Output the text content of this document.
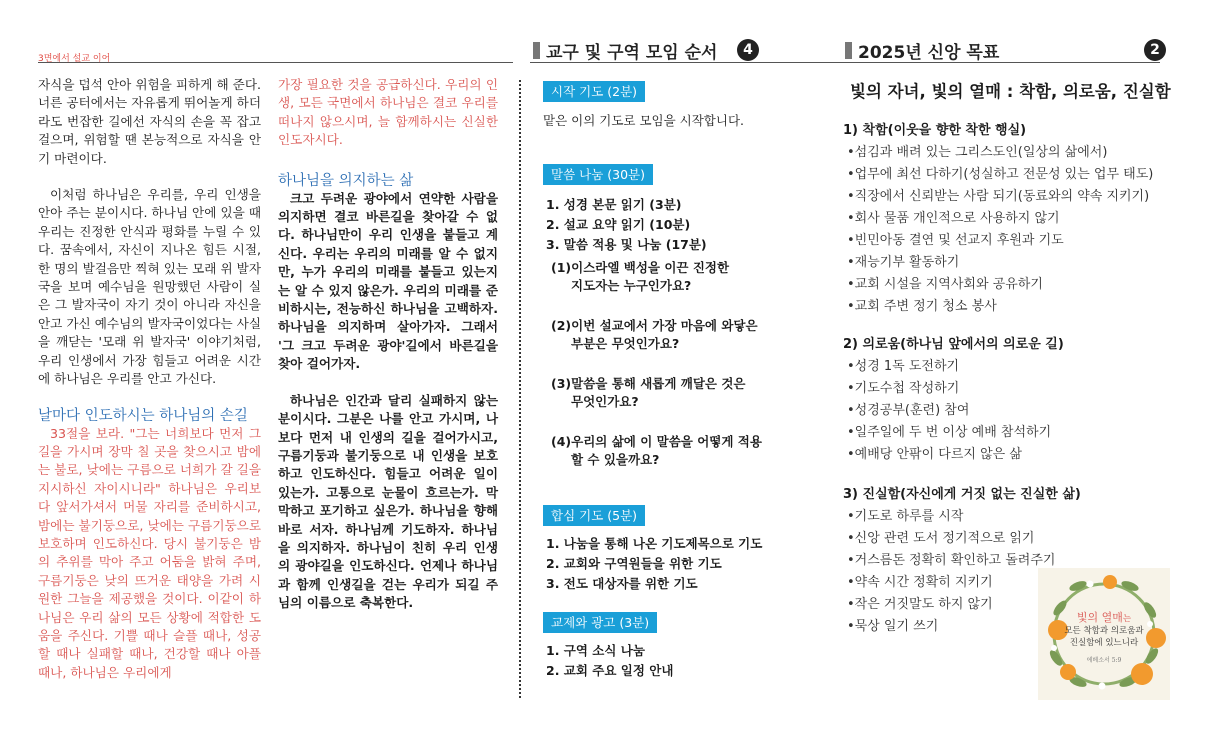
3면에서 설교 이어

자식을 덥석 안아 위험을 피하게 해 준다. 너른 공터에서는 자유롭게 뛰어놀게 하더라도 번잡한 길에선 자식의 손을 꼭 잡고 걸으며, 위험할 땐 본능적으로 자식을 안기 마련이다.

이처럼 하나님은 우리를, 우리 인생을 안아 주는 분이시다. 하나님 안에 있을 때 우리는 진정한 안식과 평화를 누릴 수 있다. 꿈속에서, 자신이 지나온 힘든 시절, 한 명의 발걸음만 찍혀 있는 모래 위 발자국을 보며 예수님을 원망했던 사람이 실은 그 발자국이 자기 것이 아니라 자신을 안고 가신 예수님의 발자국이었다는 사실을 깨닫는 '모래 위 발자국' 이야기처럼, 우리 인생에서 가장 힘들고 어려운 시간에 하나님은 우리를 안고 가신다.

날마다 인도하시는 하나님의 손길

33절을 보라. "그는 너희보다 먼저 그 길을 가시며 장막 칠 곳을 찾으시고 밤에는 불로, 낮에는 구름으로 너희가 갈 길을 지시하신 자이시니라" 하나님은 우리보다 앞서가셔서 머물 자리를 준비하시고, 밤에는 불기둥으로, 낮에는 구름기둥으로 보호하며 인도하신다. 당시 불기둥은 밤의 추위를 막아 주고 어둠을 밝혀 주며, 구름기둥은 낮의 뜨거운 태양을 가려 시원한 그늘을 제공했을 것이다. 이같이 하나님은 우리 삶의 모든 상황에 적합한 도움을 주신다. 기쁠 때나 슬플 때나, 성공할 때나 실패할 때나, 건강할 때나 아플 때나, 하나님은 우리에게

가장 필요한 것을 공급하신다. 우리의 인생, 모든 국면에서 하나님은 결코 우리를 떠나지 않으시며, 늘 함께하시는 신실한 인도자시다.

하나님을 의지하는 삶

크고 두려운 광야에서 연약한 사람을 의지하면 결코 바른길을 찾아갈 수 없다. 하나님만이 우리 인생을 붙들고 계신다. 우리는 우리의 미래를 알 수 없지만, 누가 우리의 미래를 붙들고 있는지는 알 수 있지 않은가. 우리의 미래를 준비하시는, 전능하신 하나님을 고백하자. 하나님을 의지하며 살아가자. 그래서 '그 크고 두려운 광야'길에서 바른길을 찾아 걸어가자.

하나님은 인간과 달리 실패하지 않는 분이시다. 그분은 나를 안고 가시며, 나보다 먼저 내 인생의 길을 걸어가시고, 구름기둥과 불기둥으로 내 인생을 보호하고 인도하신다. 힘들고 어려운 일이 있는가. 고통으로 눈물이 흐르는가. 막막하고 포기하고 싶은가. 하나님을 향해 바로 서자. 하나님께 기도하자. 하나님을 의지하자. 하나님이 친히 우리 인생의 광야길을 인도하신다. 언제나 하나님과 함께 인생길을 걷는 우리가 되길 주님의 이름으로 축복한다.

교구 및 구역 모임 순서	4
시작 기도 (2분)
맡은 이의 기도로 모임을 시작합니다.
말씀 나눔 (30분)
1. 성경 본문 읽기 (3분)
2. 설교 요약 읽기 (10분)
3. 말씀 적용 및 나눔 (17분)
(1)이스라엘 백성을 이끈 진정한
지도자는 누구인가요?
(2)이번 설교에서 가장 마음에 와닿은
부분은 무엇인가요?
(3)말씀을 통해 새롭게 깨달은 것은
무엇인가요?
(4)우리의 삶에 이 말씀을 어떻게 적용
할 수 있을까요?
합심 기도 (5분)
1. 나눔을 통해 나온 기도제목으로 기도
2. 교회와 구역원들을 위한 기도
3. 전도 대상자를 위한 기도
교제와 광고 (3분)
1. 구역 소식 나눔
2. 교회 주요 일정 안내
2025년 신앙 목표	2
빛의 자녀, 빛의 열매 : 착함, 의로움, 진실함

1) 착함(이웃을 향한 착한 행실)

•섬김과 배려 있는 그리스도인(일상의 삶에서)
•업무에 최선 다하기(성실하고 전문성 있는 업무 태도)
•직장에서 신뢰받는 사람 되기(동료와의 약속 지키기)
•회사 물품 개인적으로 사용하지 않기
•빈민아동 결연 및 선교지 후원과 기도
•재능기부 활동하기
•교회 시설을 지역사회와 공유하기
•교회 주변 정기 청소 봉사

2) 의로움(하나님 앞에서의 의로운 길)

•성경 1독 도전하기
•기도수첩 작성하기
•성경공부(훈련) 참여
•일주일에 두 번 이상 예배 참석하기
•예배당 안팎이 다르지 않은 삶

3) 진실함(자신에게 거짓 없는 진실한 삶)

•기도로 하루를 시작
•신앙 관련 도서 정기적으로 읽기
•거스름돈 정확히 확인하고 돌려주기
•약속 시간 정확히 지키기
•작은 거짓말도 하지 않기
•묵상 일기 쓰기
빛의 열매는
모든 착함과 의로움과
진실함에 있느니라
에베소서 5:9
